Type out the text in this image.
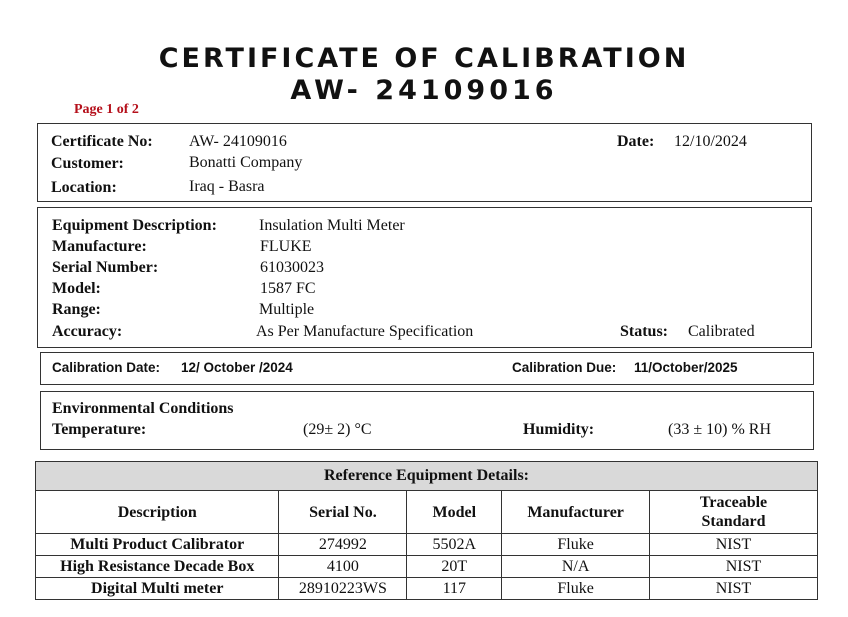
CERTIFICATE OF CALIBRATION
AW- 24109016
Page 1 of 2
Certificate No: AW- 24109016	Date: 12/10/2024
Customer:	Bonatti Company
Location:	Iraq - Basra
Equipment Description:	Insulation Multi Meter
Manufacture:	FLUKE
Serial Number:	61030023
Model:	1587 FC
Range:	Multiple
Accuracy:	As Per Manufacture Specification	Status: Calibrated
Calibration Date: 12/ October /2024	Calibration Due: 11/October/2025
Environmental Conditions
Temperature:	(29± 2) °C	Humidity:	(33 ± 10) % RH
Reference Equipment Details:				
Description	Serial No.	Model	Manufacturer	Traceable Standard
Multi Product Calibrator	274992	5502A	Fluke	NIST
High Resistance Decade Box	4100	20T	N/A	NIST
Digital Multi meter	28910223WS	117	Fluke	NIST
